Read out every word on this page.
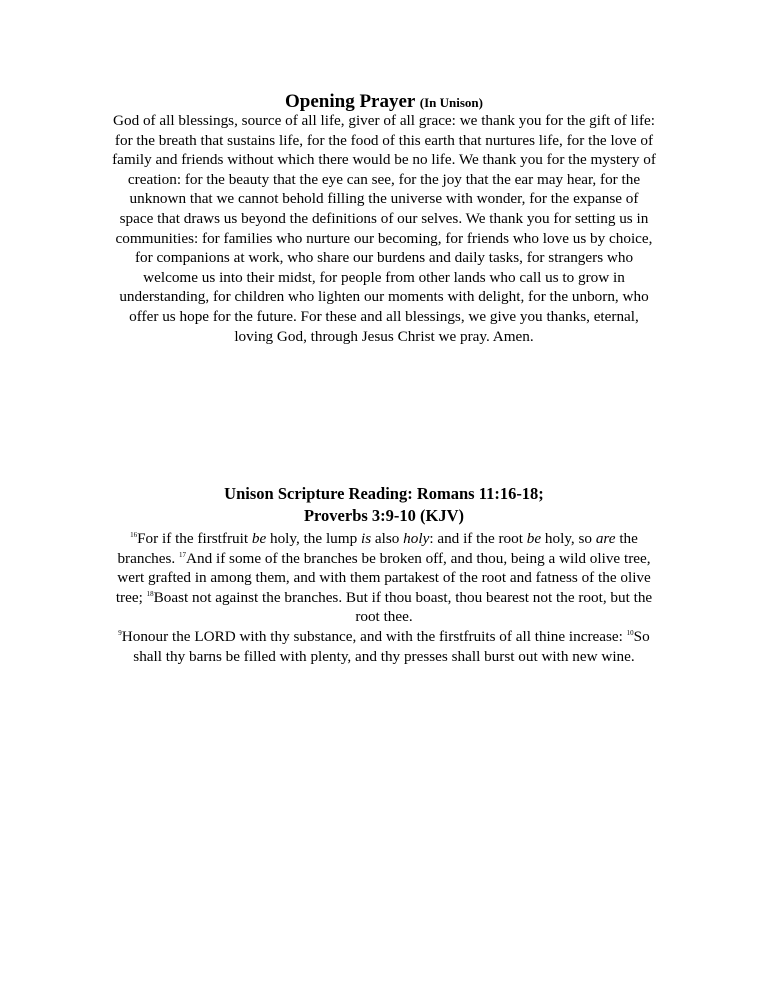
Opening Prayer (In Unison)
God of all blessings, source of all life, giver of all grace: we thank you for the gift of life: for the breath that sustains life, for the food of this earth that nurtures life, for the love of family and friends without which there would be no life. We thank you for the mystery of creation: for the beauty that the eye can see, for the joy that the ear may hear, for the unknown that we cannot behold filling the universe with wonder, for the expanse of space that draws us beyond the definitions of our selves. We thank you for setting us in communities: for families who nurture our becoming, for friends who love us by choice, for companions at work, who share our burdens and daily tasks, for strangers who welcome us into their midst, for people from other lands who call us to grow in understanding, for children who lighten our moments with delight, for the unborn, who offer us hope for the future. For these and all blessings, we give you thanks, eternal, loving God, through Jesus Christ we pray. Amen.
Unison Scripture Reading: Romans 11:16-18;
Proverbs 3:9-10 (KJV)
$^{16}$For if the firstfruit be holy, the lump is also holy: and if the root be holy, so are the branches. $^{17}$And if some of the branches be broken off, and thou, being a wild olive tree, wert grafted in among them, and with them partakest of the root and fatness of the olive tree; $^{18}$Boast not against the branches. But if thou boast, thou bearest not the root, but the root thee.
$^9$Honour the LORD with thy substance, and with the firstfruits of all thine increase: $^{10}$So shall thy barns be filled with plenty, and thy presses shall burst out with new wine.
